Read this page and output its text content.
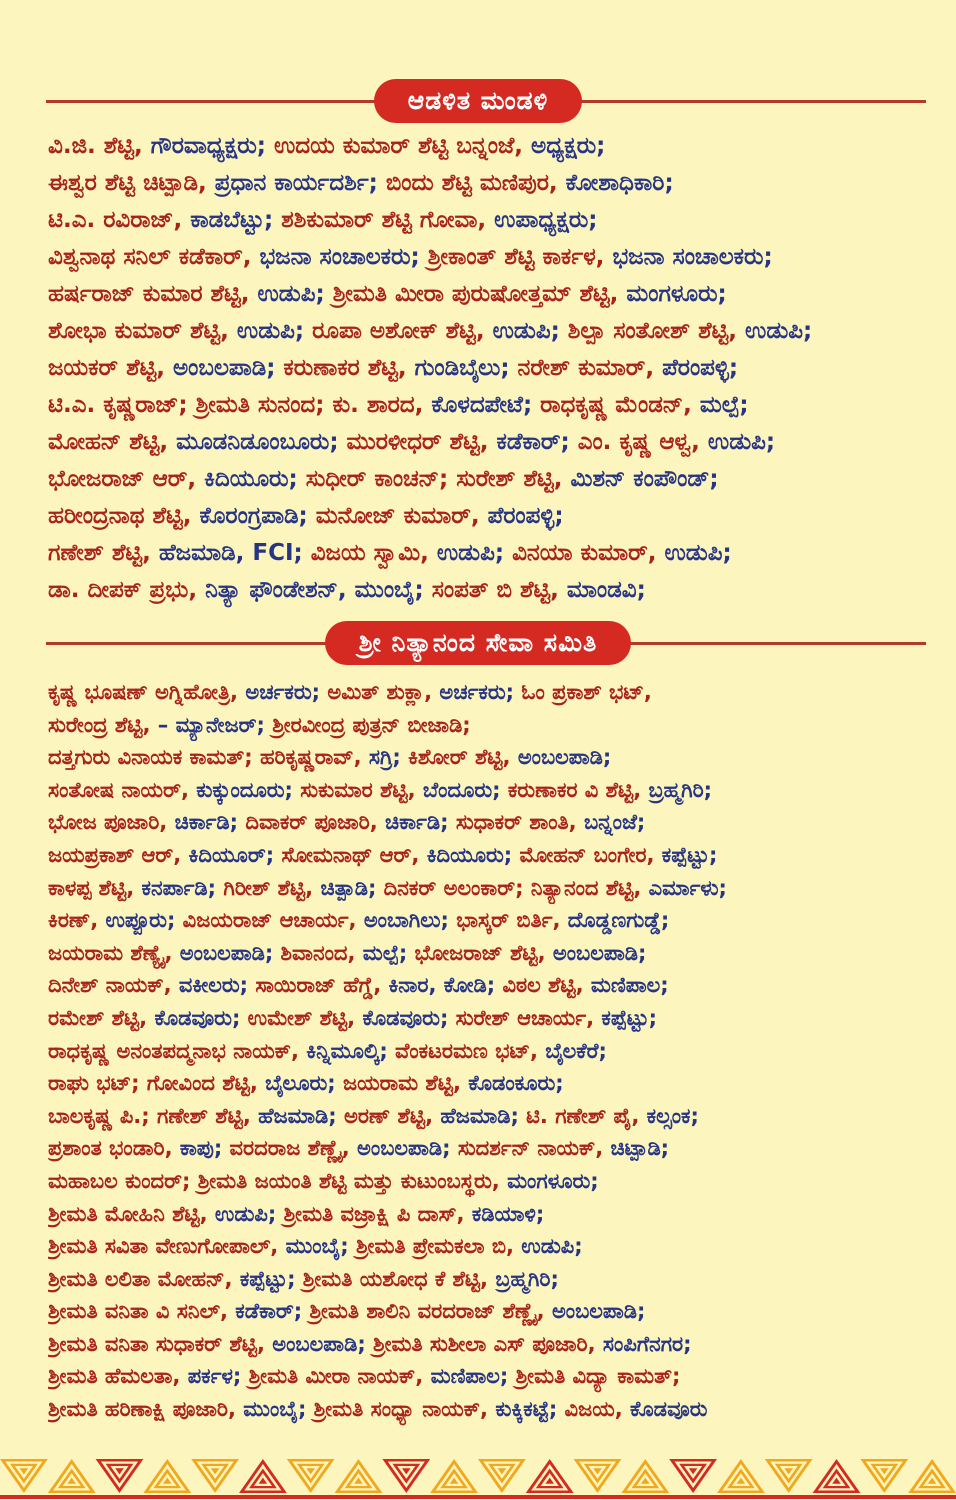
ಆಡಳಿತ ಮಂಡಳಿ
ವಿ.ಜಿ. ಶೆಟ್ಟಿ, ಗೌರವಾಧ್ಯಕ್ಷರು; ಉದಯ ಕುಮಾರ್ ಶೆಟ್ಟಿ ಬನ್ನಂಜೆ, ಅಧ್ಯಕ್ಷರು;
ಈಶ್ವರ ಶೆಟ್ಟಿ ಚಿಟ್ಪಾಡಿ, ಪ್ರಧಾನ ಕಾರ್ಯದರ್ಶಿ; ಬಿಂದು ಶೆಟ್ಟಿ ಮಣಿಪುರ, ಕೋಶಾಧಿಕಾರಿ;
ಟಿ.ಎ. ರವಿರಾಜ್, ಕಾಡಬೆಟ್ಟು; ಶಶಿಕುಮಾರ್ ಶೆಟ್ಟಿ ಗೋವಾ, ಉಪಾಧ್ಯಕ್ಷರು;
ವಿಶ್ವನಾಥ ಸನಿಲ್ ಕಡೆಕಾರ್, ಭಜನಾ ಸಂಚಾಲಕರು; ಶ್ರೀಕಾಂತ್ ಶೆಟ್ಟಿ ಕಾರ್ಕಳ, ಭಜನಾ ಸಂಚಾಲಕರು;
ಹರ್ಷರಾಜ್ ಕುಮಾರ ಶೆಟ್ಟಿ, ಉಡುಪಿ; ಶ್ರೀಮತಿ ಮೀರಾ ಪುರುಷೋತ್ತಮ್ ಶೆಟ್ಟಿ, ಮಂಗಳೂರು;
ಶೋಭಾ ಕುಮಾರ್ ಶೆಟ್ಟಿ, ಉಡುಪಿ; ರೂಪಾ ಅಶೋಕ್ ಶೆಟ್ಟಿ, ಉಡುಪಿ; ಶಿಲ್ಪಾ ಸಂತೋಶ್ ಶೆಟ್ಟಿ, ಉಡುಪಿ;
ಜಯಕರ್ ಶೆಟ್ಟಿ, ಅಂಬಲಪಾಡಿ; ಕರುಣಾಕರ ಶೆಟ್ಟಿ, ಗುಂಡಿಬೈಲು; ನರೇಶ್ ಕುಮಾರ್, ಪೆರಂಪಳ್ಳಿ;
ಟಿ.ಎ. ಕೃಷ್ಣರಾಜ್; ಶ್ರೀಮತಿ ಸುನಂದ; ಕು. ಶಾರದ, ಕೊಳದಪೇಟೆ; ರಾಧಕೃಷ್ಣ ಮೆಂಡನ್, ಮಲ್ಪೆ;
ಮೋಹನ್ ಶೆಟ್ಟಿ, ಮೂಡನಿಡೂಂಬೂರು; ಮುರಳೀಧರ್ ಶೆಟ್ಟಿ, ಕಡೆಕಾರ್; ಎಂ. ಕೃಷ್ಣ ಆಳ್ವ, ಉಡುಪಿ;
ಭೋಜರಾಜ್ ಆರ್, ಕಿದಿಯೂರು; ಸುಧೀರ್ ಕಾಂಚನ್; ಸುರೇಶ್ ಶೆಟ್ಟಿ, ಮಿಶನ್ ಕಂಪೌಂಡ್;
ಹರೀಂದ್ರನಾಥ ಶೆಟ್ಟಿ, ಕೊರಂಗ್ರಪಾಡಿ; ಮನೋಜ್ ಕುಮಾರ್, ಪೆರಂಪಳ್ಳಿ;
ಗಣೇಶ್ ಶೆಟ್ಟಿ, ಹೆಜಮಾಡಿ, FCI; ವಿಜಯ ಸ್ವಾಮಿ, ಉಡುಪಿ; ವಿನಯಾ ಕುಮಾರ್, ಉಡುಪಿ;
ಡಾ. ದೀಪಕ್ ಪ್ರಭು, ನಿತ್ಯಾ ಫೌಂಡೇಶನ್, ಮುಂಬೈ; ಸಂಪತ್ ಬಿ ಶೆಟ್ಟಿ, ಮಾಂಡವಿ;
ಶ್ರೀ ನಿತ್ಯಾನಂದ ಸೇವಾ ಸಮಿತಿ
ಕೃಷ್ಣ ಭೂಷಣ್ ಅಗ್ನಿಹೋತ್ರಿ, ಅರ್ಚಕರು; ಅಮಿತ್ ಶುಕ್ಲಾ, ಅರ್ಚಕರು; ಓಂ ಪ್ರಕಾಶ್ ಭಟ್,
ಸುರೇಂದ್ರ ಶೆಟ್ಟಿ, – ಮ್ಯಾನೇಜರ್; ಶ್ರೀರವೀಂದ್ರ ಪುತ್ರನ್ ಬೀಜಾಡಿ;
ದತ್ತಗುರು ವಿನಾಯಕ ಕಾಮತ್; ಹರಿಕೃಷ್ಣರಾವ್, ಸಗ್ರಿ; ಕಿಶೋರ್ ಶೆಟ್ಟಿ, ಅಂಬಲಪಾಡಿ;
ಸಂತೋಷ ನಾಯರ್, ಕುಕ್ಕುಂದೂರು; ಸುಕುಮಾರ ಶೆಟ್ಟಿ, ಬೆಂದೂರು; ಕರುಣಾಕರ ವಿ ಶೆಟ್ಟಿ, ಬ್ರಹ್ಮಗಿರಿ;
ಭೋಜ ಪೂಜಾರಿ, ಚಿರ್ಕಾಡಿ; ದಿವಾಕರ್ ಪೂಜಾರಿ, ಚಿರ್ಕಾಡಿ; ಸುಧಾಕರ್ ಶಾಂತಿ, ಬನ್ನಂಜೆ;
ಜಯಪ್ರಕಾಶ್ ಆರ್, ಕಿದಿಯೂರ್; ಸೋಮನಾಥ್ ಆರ್, ಕಿದಿಯೂರು; ಮೋಹನ್ ಬಂಗೇರ, ಕಪ್ಪೆಟ್ಟು;
ಕಾಳಪ್ಪ ಶೆಟ್ಟಿ, ಕನರ್ಪಾಡಿ; ಗಿರೀಶ್ ಶೆಟ್ಟಿ, ಚಿತ್ಪಾಡಿ; ದಿನಕರ್ ಅಲಂಕಾರ್; ನಿತ್ಯಾನಂದ ಶೆಟ್ಟಿ, ಎರ್ಮಾಳು;
ಕಿರಣ್, ಉಪ್ಪೂರು; ವಿಜಯರಾಜ್ ಆಚಾರ್ಯ, ಅಂಬಾಗಿಲು; ಭಾಸ್ಕರ್ ಬಿರ್ತಿ, ದೊಡ್ಡಣಗುಡ್ಡೆ;
ಜಯರಾಮ ಶೆಣ್ಯೈ, ಅಂಬಲಪಾಡಿ; ಶಿವಾನಂದ, ಮಲ್ಪೆ; ಭೋಜರಾಜ್ ಶೆಟ್ಟಿ, ಅಂಬಲಪಾಡಿ;
ದಿನೇಶ್ ನಾಯಕ್, ವಕೀಲರು; ಸಾಯಿರಾಜ್ ಹೆಗ್ಡೆ, ಕಿನಾರ, ಕೋಡಿ; ವಿಠಲ ಶೆಟ್ಟಿ, ಮಣಿಪಾಲ;
ರಮೇಶ್ ಶೆಟ್ಟಿ, ಕೊಡವೂರು; ಉಮೇಶ್ ಶೆಟ್ಟಿ, ಕೊಡವೂರು; ಸುರೇಶ್ ಆಚಾರ್ಯ, ಕಪ್ಪೆಟ್ಟು;
ರಾಧಕೃಷ್ಣ ಅನಂತಪದ್ಮನಾಭ ನಾಯಕ್, ಕಿನ್ನಿಮೂಲ್ಕಿ; ವೆಂಕಟರಮಣ ಭಟ್, ಬೈಲಕೆರೆ;
ರಾಘು ಭಟ್; ಗೋವಿಂದ ಶೆಟ್ಟಿ, ಬೈಲೂರು; ಜಯರಾಮ ಶೆಟ್ಟಿ, ಕೊಡಂಕೂರು;
ಬಾಲಕೃಷ್ಣ ಪಿ.; ಗಣೇಶ್ ಶೆಟ್ಟಿ, ಹೆಜಮಾಡಿ; ಅರಣ್ ಶೆಟ್ಟಿ, ಹೆಜಮಾಡಿ; ಟಿ. ಗಣೇಶ್ ಪೈ, ಕಲ್ಸಂಕ;
ಪ್ರಶಾಂತ ಭಂಡಾರಿ, ಕಾಪು; ವರದರಾಜ ಶೆಣ್ಣೈ, ಅಂಬಲಪಾಡಿ; ಸುದರ್ಶನ್ ನಾಯಕ್, ಚಿಟ್ಪಾಡಿ;
ಮಹಾಬಲ ಕುಂದರ್; ಶ್ರೀಮತಿ ಜಯಂತಿ ಶೆಟ್ಟಿ ಮತ್ತು ಕುಟುಂಬಸ್ಥರು, ಮಂಗಳೂರು;
ಶ್ರೀಮತಿ ಮೋಹಿನಿ ಶೆಟ್ಟಿ, ಉಡುಪಿ; ಶ್ರೀಮತಿ ವಜ್ರಾಕ್ಷಿ ಪಿ ದಾಸ್, ಕಡಿಯಾಳಿ;
ಶ್ರೀಮತಿ ಸವಿತಾ ವೇಣುಗೋಪಾಲ್, ಮುಂಬೈ; ಶ್ರೀಮತಿ ಪ್ರೇಮಕಲಾ ಬಿ, ಉಡುಪಿ;
ಶ್ರೀಮತಿ ಲಲಿತಾ ಮೋಹನ್, ಕಪ್ಪೆಟ್ಟು; ಶ್ರೀಮತಿ ಯಶೋಧ ಕೆ ಶೆಟ್ಟಿ, ಬ್ರಹ್ಮಗಿರಿ;
ಶ್ರೀಮತಿ ವನಿತಾ ವಿ ಸನಿಲ್, ಕಡೆಕಾರ್; ಶ್ರೀಮತಿ ಶಾಲಿನಿ ವರದರಾಜ್ ಶೆಣ್ಣೈ, ಅಂಬಲಪಾಡಿ;
ಶ್ರೀಮತಿ ವನಿತಾ ಸುಧಾಕರ್ ಶೆಟ್ಟಿ, ಅಂಬಲಪಾಡಿ; ಶ್ರೀಮತಿ ಸುಶೀಲಾ ಎಸ್ ಪೂಜಾರಿ, ಸಂಪಿಗೆನಗರ;
ಶ್ರೀಮತಿ ಹೆಮಲತಾ, ಪರ್ಕಳ; ಶ್ರೀಮತಿ ಮೀರಾ ನಾಯಕ್, ಮಣಿಪಾಲ; ಶ್ರೀಮತಿ ವಿದ್ಯಾ ಕಾಮತ್;
ಶ್ರೀಮತಿ ಹರಿಣಾಕ್ಷಿ ಪೂಜಾರಿ, ಮುಂಬೈ; ಶ್ರೀಮತಿ ಸಂಧ್ಯಾ ನಾಯಕ್, ಕುಕ್ಕಿಕಟ್ಟೆ; ವಿಜಯ, ಕೊಡವೂರು
